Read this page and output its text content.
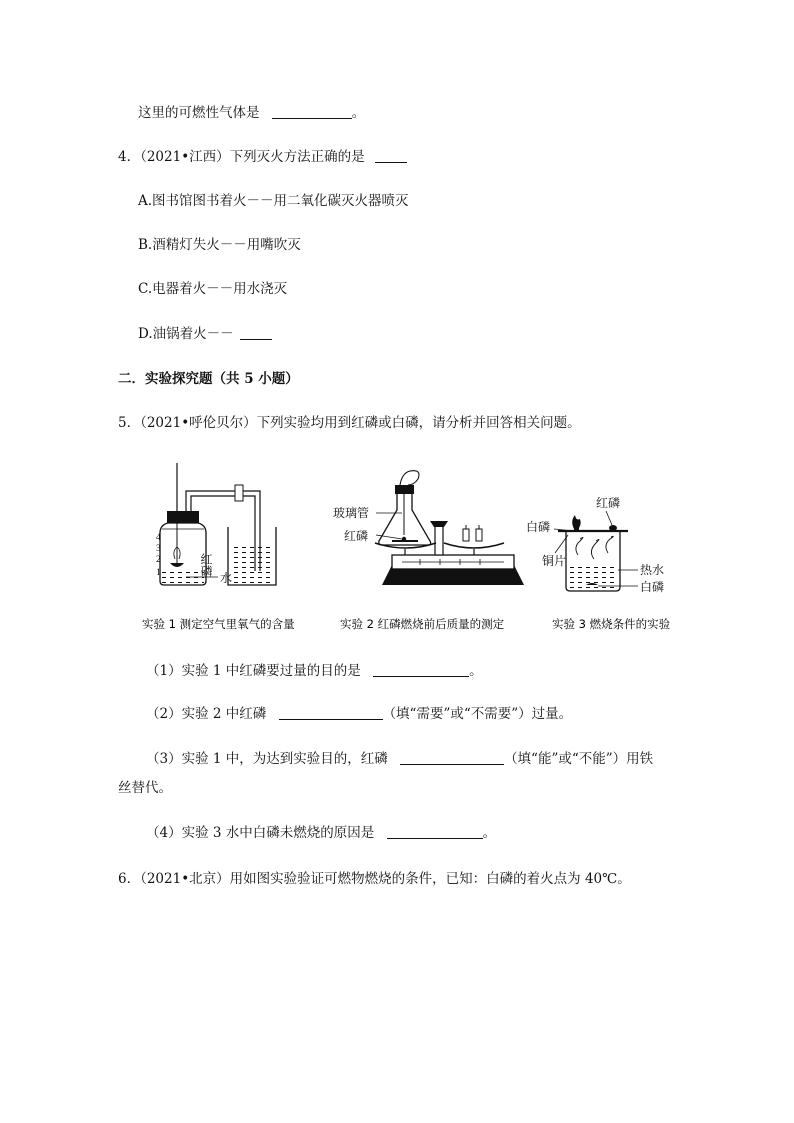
这里的可燃性气体是	。
4．（2021•江西）下列灭火方法正确的是
A.图书馆图书着火－－用二氧化碳灭火器喷灭
B.酒精灯失火－－用嘴吹灭
C.电器着火－－用水浇灭
D.油锅着火－－
二．实验探究题（共 5 小题）
5．（2021•呼伦贝尔）下列实验均用到红磷或白磷，请分析并回答相关问题。
4
3
2
1	红磷
水
实验 1 测定空气里氧气的含量
玻璃管
红磷
实验 2 红磷燃烧前后质量的测定
红磷
白磷
铜片
热水
白磷
实验 3 燃烧条件的实验
（1）实验 1 中红磷要过量的目的是	。
（2）实验 2 中红磷	（填“需要”或“不需要”）过量。
（3）实验 1 中，为达到实验目的，红磷	（填“能”或“不能”）用铁
丝替代。
（4）实验 3 水中白磷未燃烧的原因是	。
6．（2021•北京）用如图实验验证可燃物燃烧的条件，已知：白磷的着火点为 40℃。
